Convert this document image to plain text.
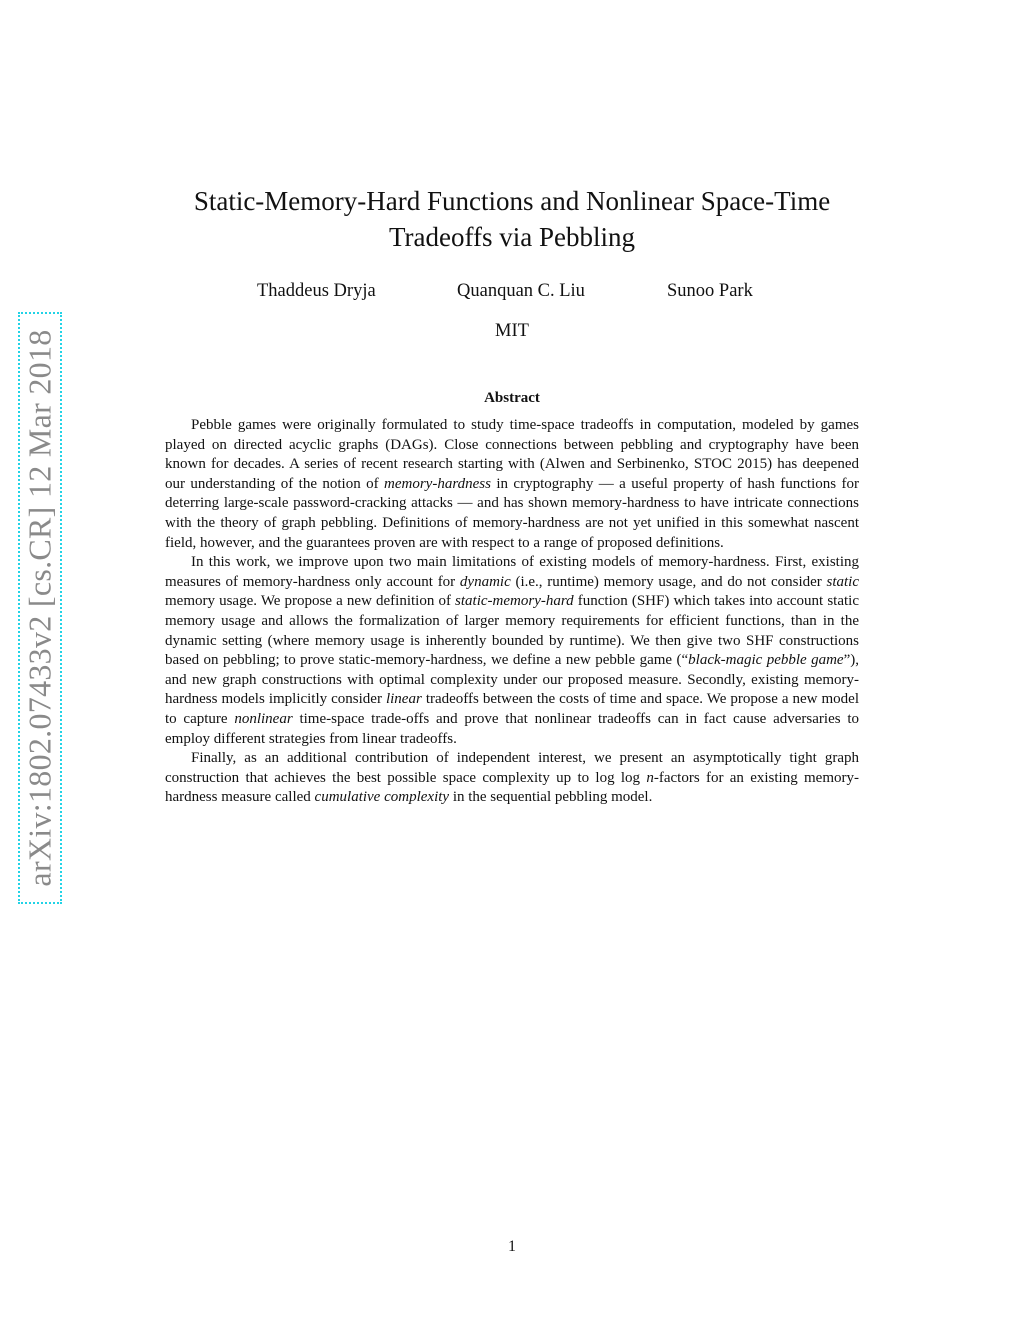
arXiv:1802.07433v2 [cs.CR] 12 Mar 2018
Static-Memory-Hard Functions and Nonlinear Space-Time
Tradeoffs via Pebbling
Thaddeus Dryja	Quanquan C. Liu	Sunoo Park
MIT
Abstract

Pebble games were originally formulated to study time-space tradeoffs in computation, modeled by games played on directed acyclic graphs (DAGs). Close connections between pebbling and cryptography have been known for decades. A series of recent research starting with (Alwen and Serbinenko, STOC 2015) has deepened our understanding of the notion of memory-hardness in cryptography — a useful property of hash functions for deterring large-scale password-cracking attacks — and has shown memory-hardness to have intricate connections with the theory of graph pebbling. Definitions of memory-hardness are not yet unified in this somewhat nascent field, however, and the guarantees proven are with respect to a range of proposed definitions.

In this work, we improve upon two main limitations of existing models of memory-hardness. First, existing measures of memory-hardness only account for dynamic (i.e., runtime) memory usage, and do not consider static memory usage. We propose a new definition of static-memory-hard function (SHF) which takes into account static memory usage and allows the formalization of larger memory requirements for efficient functions, than in the dynamic setting (where memory usage is inherently bounded by runtime). We then give two SHF constructions based on pebbling; to prove static-memory-hardness, we define a new pebble game (“black-magic pebble game”), and new graph constructions with optimal complexity under our proposed measure. Secondly, existing memory-hardness models implicitly consider linear tradeoffs between the costs of time and space. We propose a new model to capture nonlinear time-space trade-offs and prove that nonlinear tradeoffs can in fact cause adversaries to employ different strategies from linear tradeoffs.

Finally, as an additional contribution of independent interest, we present an asymptotically tight graph construction that achieves the best possible space complexity up to log log n-factors for an existing memory-hardness measure called cumulative complexity in the sequential pebbling model.

1
